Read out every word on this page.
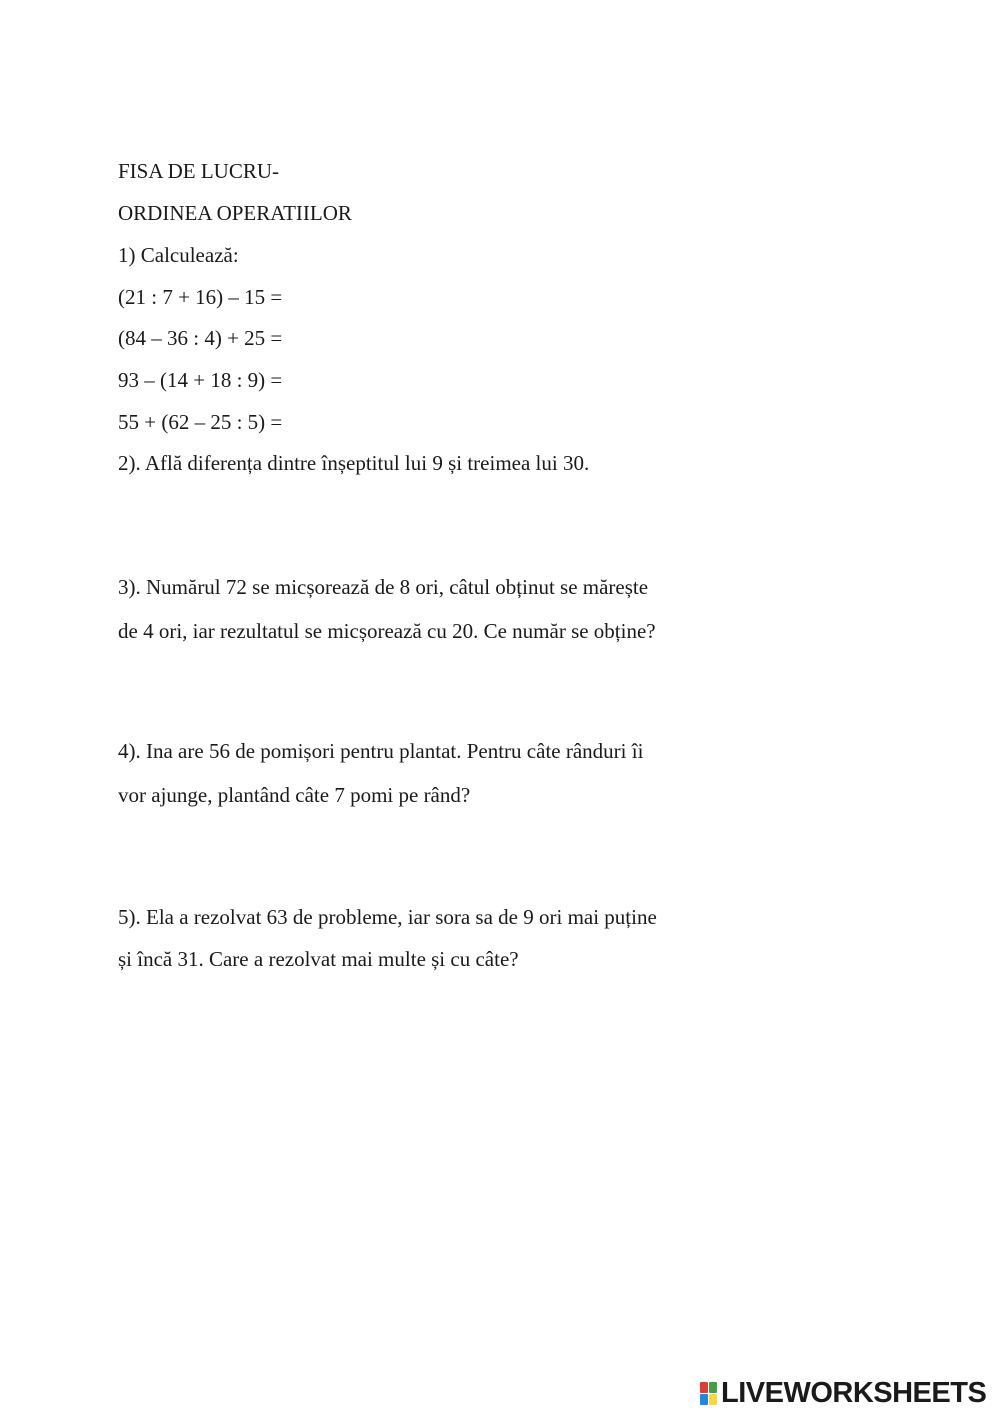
FISA DE LUCRU-
ORDINEA OPERATIILOR
1) Calculează:
(21 : 7 + 16) – 15 =
(84 – 36 : 4) + 25 =
93 – (14 + 18 : 9) =
55 + (62 – 25 : 5) =
2). Află diferența dintre înșeptitul lui 9 și treimea lui 30.
3). Numărul 72 se micșorează de 8 ori, câtul obținut se mărește
de 4 ori, iar rezultatul se micșorează cu 20. Ce număr se obține?
4). Ina are 56 de pomișori pentru plantat. Pentru câte rânduri îi
vor ajunge, plantând câte 7 pomi pe rând?
5). Ela a rezolvat 63 de probleme, iar sora sa de 9 ori mai puține
și încă 31. Care a rezolvat mai multe și cu câte?
LIVEWORKSHEETS
